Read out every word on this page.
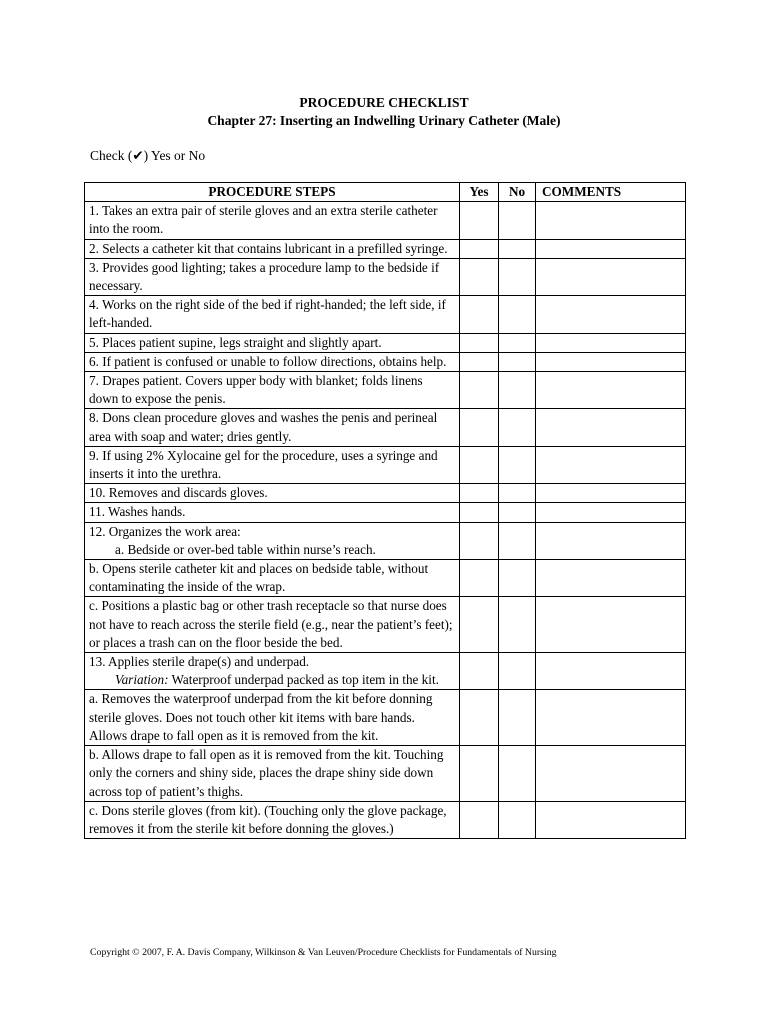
PROCEDURE CHECKLIST
Chapter 27: Inserting an Indwelling Urinary Catheter (Male)
Check (✔) Yes or No
PROCEDURE STEPS	Yes	No	COMMENTS

1. Takes an extra pair of sterile gloves and an extra sterile catheter into the room.			

2. Selects a catheter kit that contains lubricant in a prefilled syringe.			

3. Provides good lighting; takes a procedure lamp to the bedside if necessary.			

4. Works on the right side of the bed if right-handed; the left side, if left-handed.			

5. Places patient supine, legs straight and slightly apart.			

6. If patient is confused or unable to follow directions, obtains help.			

7. Drapes patient. Covers upper body with blanket; folds linens down to expose the penis.			

8. Dons clean procedure gloves and washes the penis and perineal area with soap and water; dries gently.			

9. If using 2% Xylocaine gel for the procedure, uses a syringe and inserts it into the urethra.			

10. Removes and discards gloves.			

11. Washes hands.			

12. Organizes the work area:
a. Bedside or over-bed table within nurse’s reach.			

b. Opens sterile catheter kit and places on bedside table, without contaminating the inside of the wrap.			

c. Positions a plastic bag or other trash receptacle so that nurse does not have to reach across the sterile field (e.g., near the patient’s feet); or places a trash can on the floor beside the bed.			

13. Applies sterile drape(s) and underpad.
Variation: Waterproof underpad packed as top item in the kit.			

a. Removes the waterproof underpad from the kit before donning sterile gloves. Does not touch other kit items with bare hands. Allows drape to fall open as it is removed from the kit.			

b. Allows drape to fall open as it is removed from the kit. Touching only the corners and shiny side, places the drape shiny side down across top of patient’s thighs.			

c. Dons sterile gloves (from kit). (Touching only the glove package, removes it from the sterile kit before donning the gloves.)			

Copyright © 2007, F. A. Davis Company, Wilkinson & Van Leuven/Procedure Checklists for Fundamentals of Nursing
